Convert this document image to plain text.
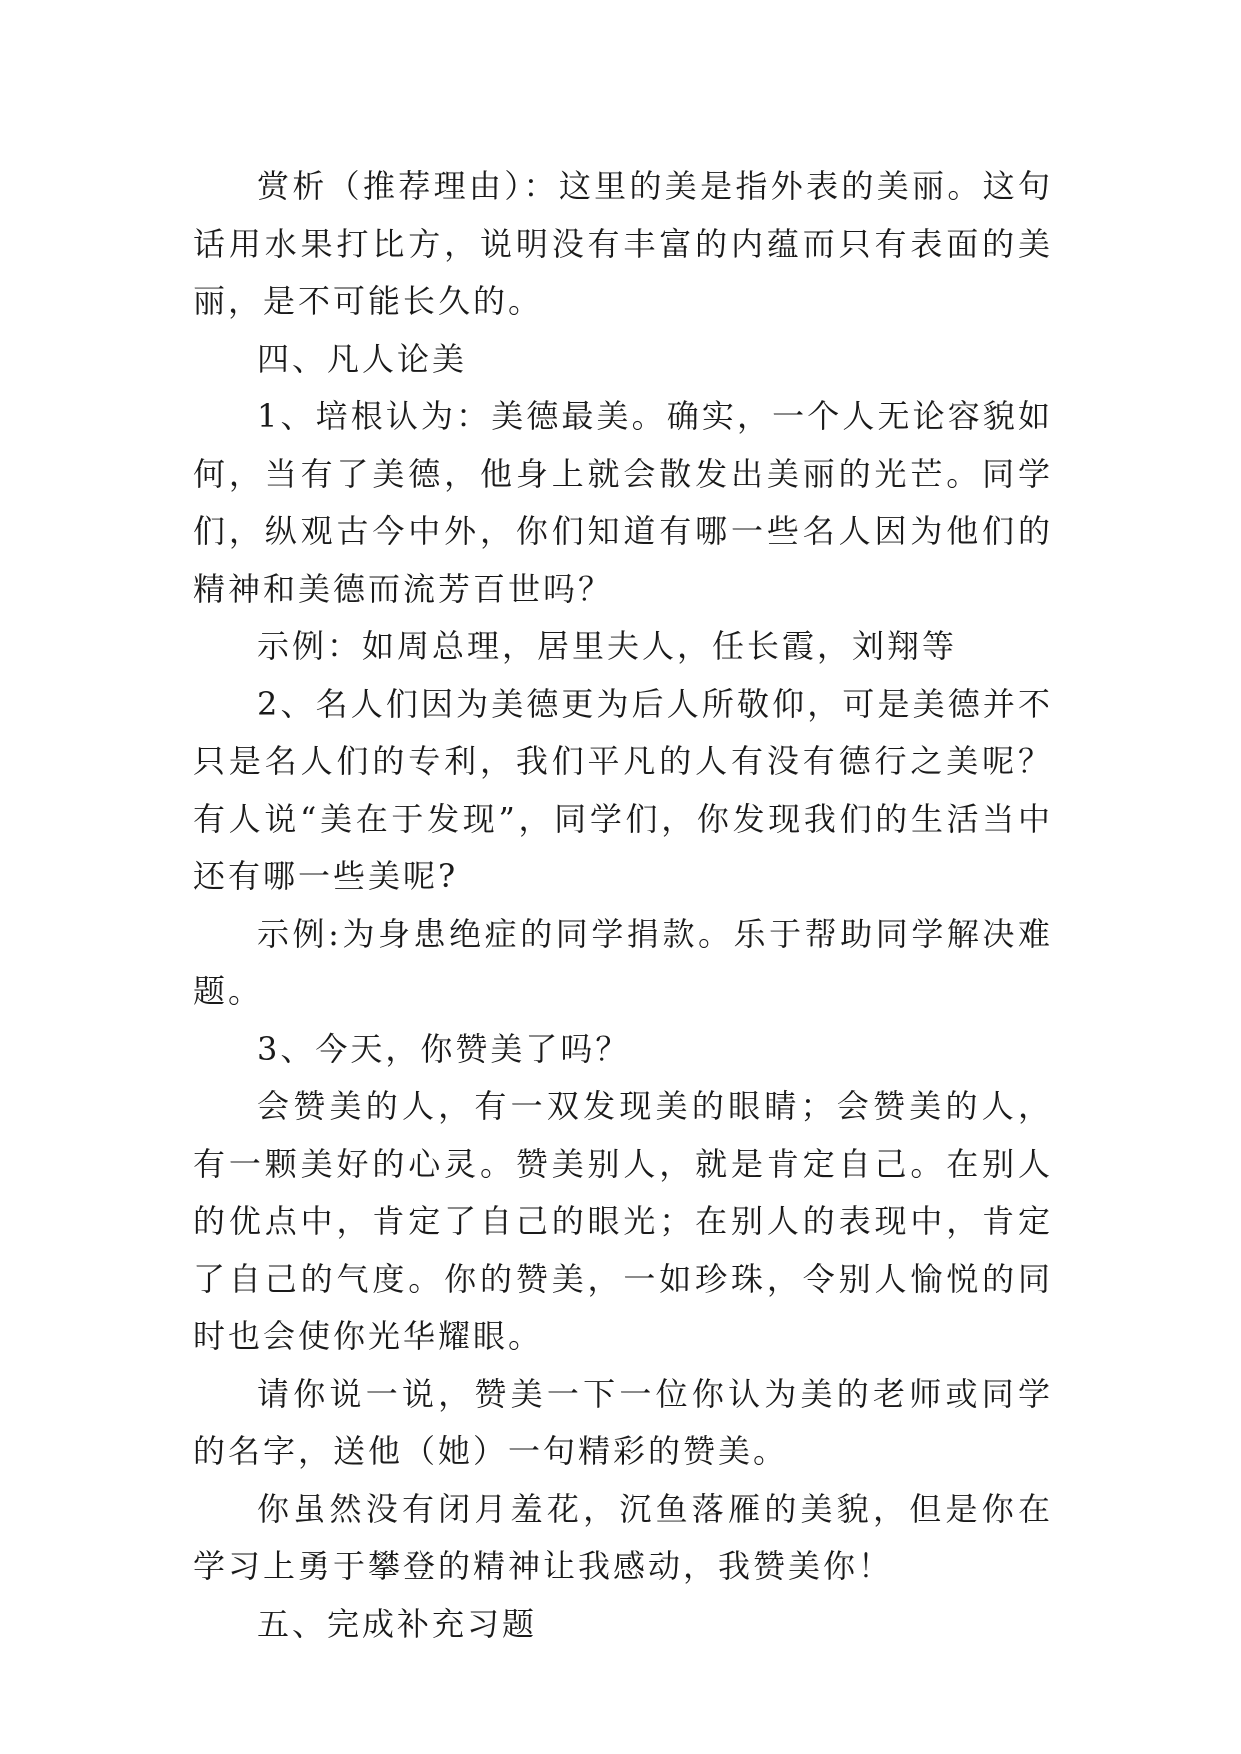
赏析（推荐理由）：这里的美是指外表的美丽。这句话用水果打比方，说明没有丰富的内蕴而只有表面的美丽，是不可能长久的。

四、凡人论美

1、培根认为：美德最美。确实，一个人无论容貌如何，当有了美德，他身上就会散发出美丽的光芒。同学们，纵观古今中外，你们知道有哪一些名人因为他们的精神和美德而流芳百世吗？

示例：如周总理，居里夫人，任长霞，刘翔等

2、名人们因为美德更为后人所敬仰，可是美德并不只是名人们的专利，我们平凡的人有没有德行之美呢？有人说“美在于发现”，同学们，你发现我们的生活当中还有哪一些美呢?

示例:为身患绝症的同学捐款。乐于帮助同学解决难题。

3、今天，你赞美了吗？

会赞美的人，有一双发现美的眼睛；会赞美的人，有一颗美好的心灵。赞美别人，就是肯定自己。在别人的优点中，肯定了自己的眼光；在别人的表现中，肯定了自己的气度。你的赞美，一如珍珠，令别人愉悦的同时也会使你光华耀眼。

请你说一说，赞美一下一位你认为美的老师或同学的名字，送他（她）一句精彩的赞美。

你虽然没有闭月羞花，沉鱼落雁的美貌，但是你在学习上勇于攀登的精神让我感动，我赞美你！

五、完成补充习题
